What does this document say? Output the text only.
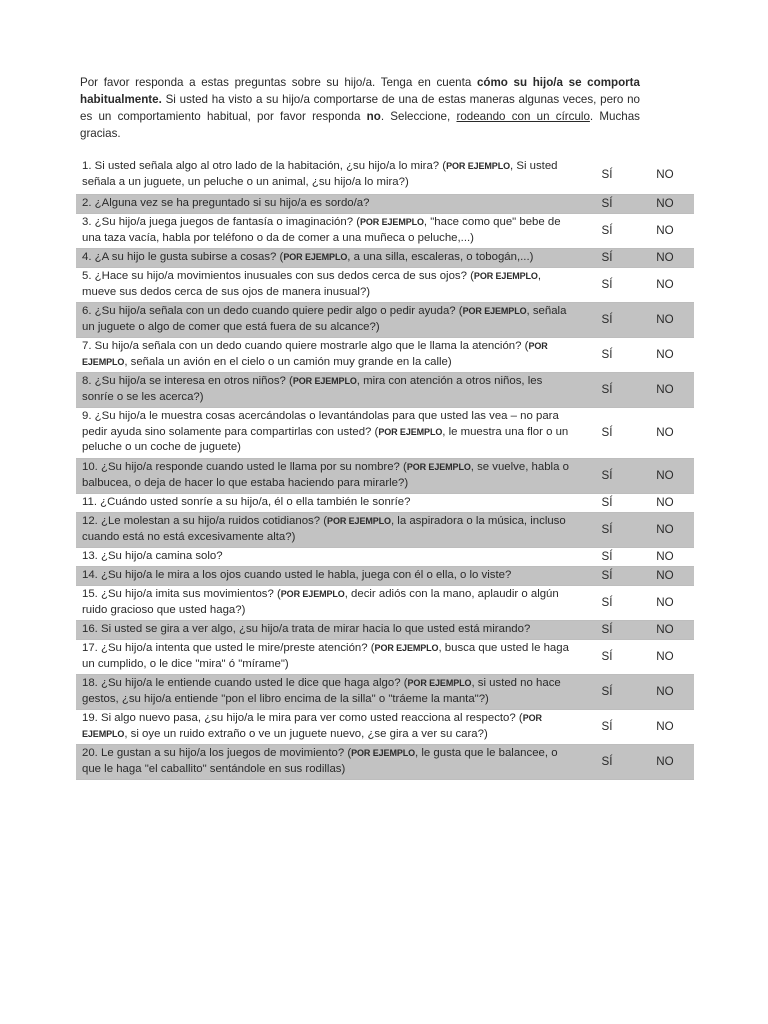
Por favor responda a estas preguntas sobre su hijo/a. Tenga en cuenta cómo su hijo/a se comporta habitualmente. Si usted ha visto a su hijo/a comportarse de una de estas maneras algunas veces, pero no es un comportamiento habitual, por favor responda no. Seleccione, rodeando con un círculo. Muchas gracias.
1. Si usted señala algo al otro lado de la habitación, ¿su hijo/a lo mira? (POR EJEMPLO, Si usted señala a un juguete, un peluche o un animal, ¿su hijo/a lo mira?)	SÍ	NO
2. ¿Alguna vez se ha preguntado si su hijo/a es sordo/a?	SÍ	NO
3. ¿Su hijo/a juega juegos de fantasía o imaginación? (POR EJEMPLO, "hace como que" bebe de una taza vacía, habla por teléfono o da de comer a una muñeca o peluche,...)	SÍ	NO
4. ¿A su hijo le gusta subirse a cosas? (POR EJEMPLO, a una silla, escaleras, o tobogán,...)	SÍ	NO
5. ¿Hace su hijo/a movimientos inusuales con sus dedos cerca de sus ojos? (POR EJEMPLO, mueve sus dedos cerca de sus ojos de manera inusual?)	SÍ	NO
6. ¿Su hijo/a señala con un dedo cuando quiere pedir algo o pedir ayuda? (POR EJEMPLO, señala un juguete o algo de comer que está fuera de su alcance?)	SÍ	NO
7. Su hijo/a señala con un dedo cuando quiere mostrarle algo que le llama la atención? (POR EJEMPLO, señala un avión en el cielo o un camión muy grande en la calle)	SÍ	NO
8. ¿Su hijo/a se interesa en otros niños? (POR EJEMPLO, mira con atención a otros niños, les sonríe o se les acerca?)	SÍ	NO
9. ¿Su hijo/a le muestra cosas acercándolas o levantándolas para que usted las vea – no para pedir ayuda sino solamente para compartirlas con usted? (POR EJEMPLO, le muestra una flor o un peluche o un coche de juguete)	SÍ	NO
10. ¿Su hijo/a responde cuando usted le llama por su nombre? (POR EJEMPLO, se vuelve, habla o balbucea, o deja de hacer lo que estaba haciendo para mirarle?)	SÍ	NO
11. ¿Cuándo usted sonríe a su hijo/a, él o ella también le sonríe?	SÍ	NO
12. ¿Le molestan a su hijo/a ruidos cotidianos? (POR EJEMPLO, la aspiradora o la música, incluso cuando está no está excesivamente alta?)	SÍ	NO
13. ¿Su hijo/a camina solo?	SÍ	NO
14. ¿Su hijo/a le mira a los ojos cuando usted le habla, juega con él o ella, o lo viste?	SÍ	NO
15. ¿Su hijo/a imita sus movimientos? (POR EJEMPLO, decir adiós con la mano, aplaudir o algún ruido gracioso que usted haga?)	SÍ	NO
16. Si usted se gira a ver algo, ¿su hijo/a trata de mirar hacia lo que usted está mirando?	SÍ	NO
17. ¿Su hijo/a intenta que usted le mire/preste atención? (POR EJEMPLO, busca que usted le haga un cumplido, o le dice "mira" ó "mírame")	SÍ	NO
18. ¿Su hijo/a le entiende cuando usted le dice que haga algo? (POR EJEMPLO, si usted no hace gestos, ¿su hijo/a entiende "pon el libro encima de la silla" o "tráeme la manta"?)	SÍ	NO
19. Si algo nuevo pasa, ¿su hijo/a le mira para ver como usted reacciona al respecto? (POR EJEMPLO, si oye un ruido extraño o ve un juguete nuevo, ¿se gira a ver su cara?)	SÍ	NO
20. Le gustan a su hijo/a los juegos de movimiento? (POR EJEMPLO, le gusta que le balancee, o que le haga "el caballito" sentándole en sus rodillas)	SÍ	NO
